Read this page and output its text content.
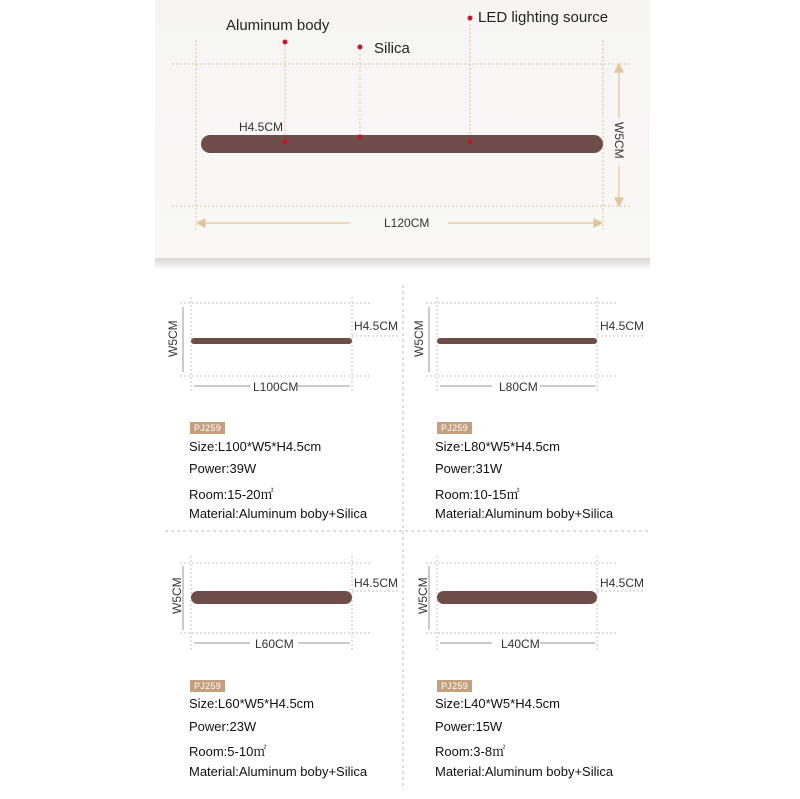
Aluminum body
Silica
LED lighting source
H4.5CM	W5CM
L120CM
H4.5CM
W5CM
L100CM
PJ259
Size:L100*W5*H4.5cm
Power:39W
Room:15-20㎡
Material:Aluminum boby+Silica
H4.5CM
W5CM
L80CM
PJ259
Size:L80*W5*H4.5cm
Power:31W
Room:10-15㎡
Material:Aluminum boby+Silica
H4.5CM
W5CM
L60CM
PJ259
Size:L60*W5*H4.5cm
Power:23W
Room:5-10㎡
Material:Aluminum boby+Silica
H4.5CM
W5CM
L40CM
PJ259
Size:L40*W5*H4.5cm
Power:15W
Room:3-8㎡
Material:Aluminum boby+Silica
